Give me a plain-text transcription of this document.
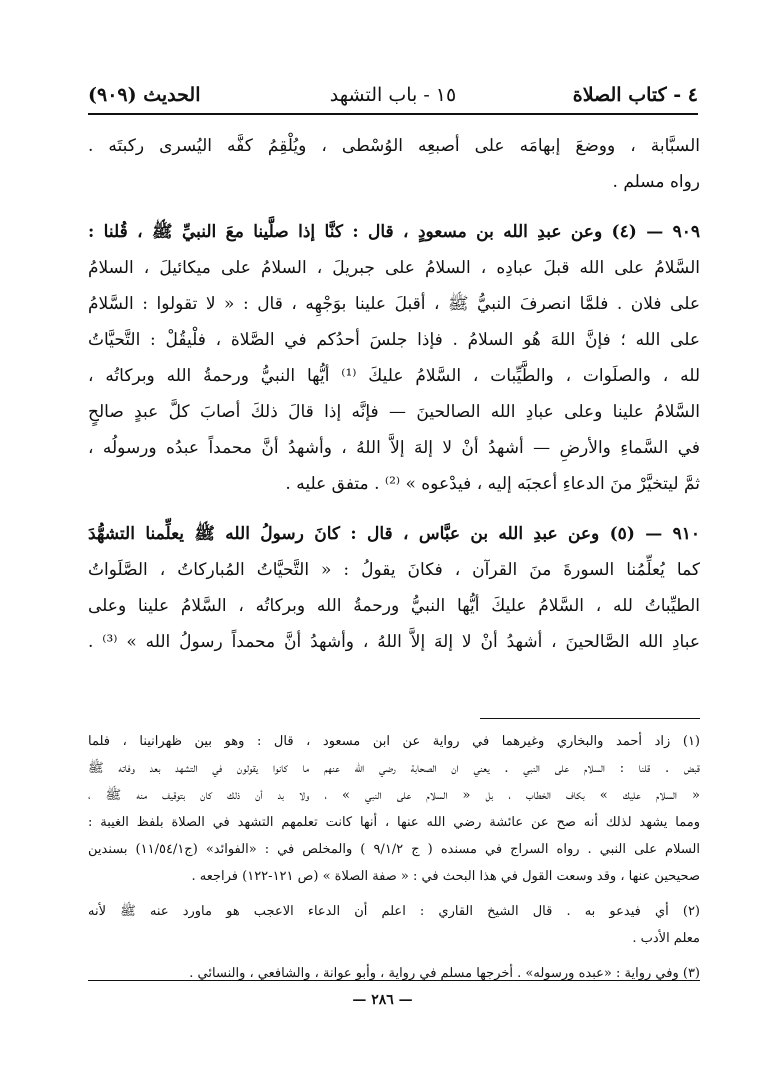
٤ - كتاب الصلاة
١٥ - باب التشهد
الحديث (٩٠٩)
السبَّابة ، ووضعَ إبهامَه على أصبعِه الوُسْطى ، ويُلْقِمُ كفَّه اليُسرى ركبتَه .
رواه مسلم .
٩٠٩ — (٤) وعن عبدِ الله بن مسعودٍ ، قال : كنَّا إذا صلَّينا معَ النبيِّ ﷺ ، قُلنا :
السَّلامُ على الله قبلَ عبادِه ، السلامُ على جبريلَ ، السلامُ على ميكائيلَ ، السلامُ
على فلان . فلمَّا انصرفَ النبيُّ ﷺ ، أقبلَ علينا بوَجْهِه ، قال : « لا تقولوا : السَّلامُ
على الله ؛ فإنَّ اللهَ هُو السلامُ . فإذا جلسَ أحدُكم في الصَّلاة ، فلْيقُلْ : التَّحيَّاتُ
لله ، والصلَوات ، والطَّيِّبات ، السَّلامُ عليكَ ⁽¹⁾ أيُّها النبيُّ ورحمةُ الله وبركاتُه ،
السَّلامُ علينا وعلى عبادِ الله الصالحينَ — فإنَّه إذا قالَ ذلكَ أصابَ كلَّ عبدٍ صالحٍ
في السَّماءِ والأرضِ — أشهدُ أنْ لا إلهَ إلاَّ اللهُ ، وأشهدُ أنَّ محمداً عبدُه ورسولُه ،
ثمَّ ليتخيَّرْ منَ الدعاءِ أعجبَه إليه ، فيدْعوه » ⁽²⁾ . متفق عليه .
٩١٠ — (٥) وعن عبدِ الله بن عبَّاس ، قال : كانَ رسولُ الله ﷺ يعلِّمنا التشهُّدَ
كما يُعلِّمُنا السورةَ منَ القرآن ، فكانَ يقولُ : « التَّحيَّاتُ المُباركاتُ ، الصَّلَواتُ
الطيِّباتُ لله ، السَّلامُ عليكَ أيُّها النبيُّ ورحمةُ الله وبركاتُه ، السَّلامُ علينا وعلى
عبادِ الله الصَّالحينَ ، أشهدُ أنْ لا إلهَ إلاَّ اللهُ ، وأشهدُ أنَّ محمداً رسولُ الله » ⁽³⁾ .
(١) زاد أحمد والبخاري وغيرهما في رواية عن ابن مسعود ، قال : وهو بين ظهرانينا ، فلما
قبض . قلنا : السلام على النبي . يعني ان الصحابة رضي الله عنهم ما كانوا يقولون في التشهد بعد وفاته ﷺ
« السلام عليك » بكاف الخطاب ، بل « السلام على النبي » ، ولا بد أن ذلك كان بتوقيف منه ﷺ ،
ومما يشهد لذلك أنه صح عن عائشة رضي الله عنها ، أنها كانت تعلمهم التشهد في الصلاة بلفظ الغيبة :
السلام على النبي . رواه السراج في مسنده ( ج ٩/١/٢ ) والمخلص في : «الفوائد» (ج١١/٥٤/١) بسندين
صحيحين عنها ، وقد وسعت القول في هذا البحث في : « صفة الصلاة » (ص ١٢١-١٢٢) فراجعه .
(٢) أي فيدعو به . قال الشيخ القاري : اعلم أن الدعاء الاعجب هو ماورد عنه ﷺ لأنه
معلم الأدب .
(٣) وفي رواية : «عبده ورسوله» . أخرجها مسلم في رواية ، وأبو عوانة ، والشافعي ، والنسائي .
— ٢٨٦ —
